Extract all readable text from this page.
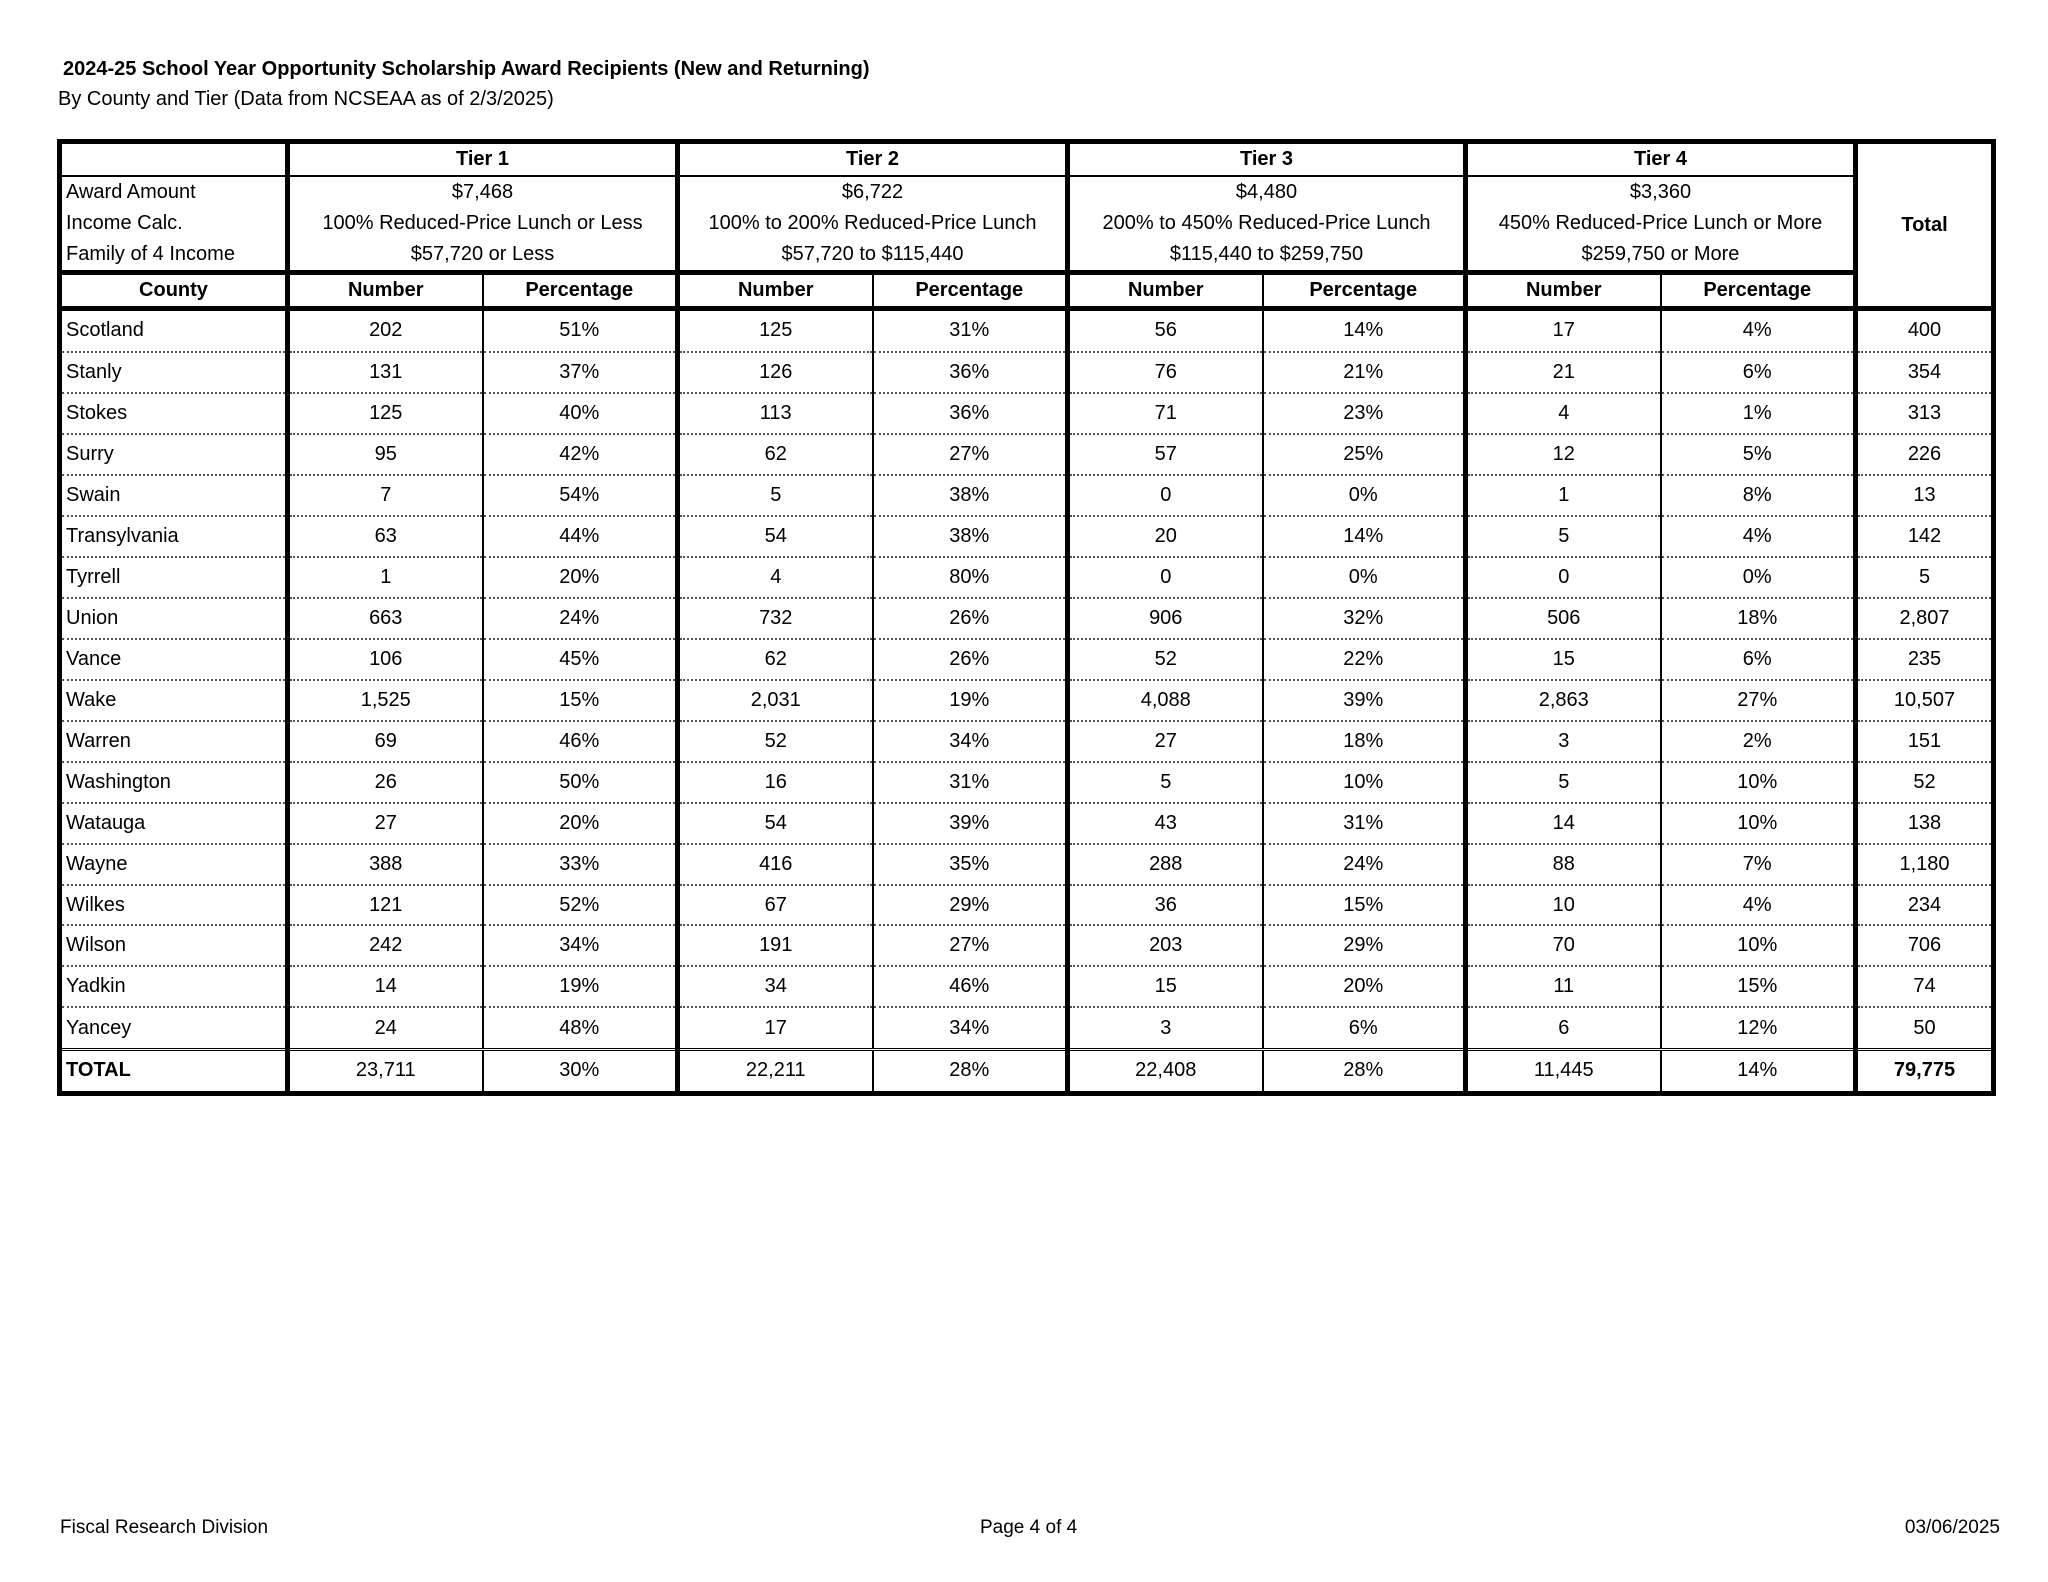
2024-25 School Year Opportunity Scholarship Award Recipients (New and Returning)
By County and Tier (Data from NCSEAA as of 2/3/2025)
	Tier 1		Tier 2		Tier 3		Tier 4		Total
Award Amount	$7,468		$6,722		$4,480		$3,360		
Income Calc.	100% Reduced-Price Lunch or Less		100% to 200% Reduced-Price Lunch		200% to 450% Reduced-Price Lunch		450% Reduced-Price Lunch or More		
Family of 4 Income	$57,720 or Less		$57,720 to $115,440		$115,440 to $259,750		$259,750 or More		
County	Number	Percentage	Number	Percentage	Number	Percentage	Number	Percentage	
Scotland	202	51%	125	31%	56	14%	17	4%	400
Stanly	131	37%	126	36%	76	21%	21	6%	354
Stokes	125	40%	113	36%	71	23%	4	1%	313
Surry	95	42%	62	27%	57	25%	12	5%	226
Swain	7	54%	5	38%	0	0%	1	8%	13
Transylvania	63	44%	54	38%	20	14%	5	4%	142
Tyrrell	1	20%	4	80%	0	0%	0	0%	5
Union	663	24%	732	26%	906	32%	506	18%	2,807
Vance	106	45%	62	26%	52	22%	15	6%	235
Wake	1,525	15%	2,031	19%	4,088	39%	2,863	27%	10,507
Warren	69	46%	52	34%	27	18%	3	2%	151
Washington	26	50%	16	31%	5	10%	5	10%	52
Watauga	27	20%	54	39%	43	31%	14	10%	138
Wayne	388	33%	416	35%	288	24%	88	7%	1,180
Wilkes	121	52%	67	29%	36	15%	10	4%	234
Wilson	242	34%	191	27%	203	29%	70	10%	706
Yadkin	14	19%	34	46%	15	20%	11	15%	74
Yancey	24	48%	17	34%	3	6%	6	12%	50
TOTAL	23,711	30%	22,211	28%	22,408	28%	11,445	14%	79,775
Fiscal Research Division	Page 4 of 4	03/06/2025
